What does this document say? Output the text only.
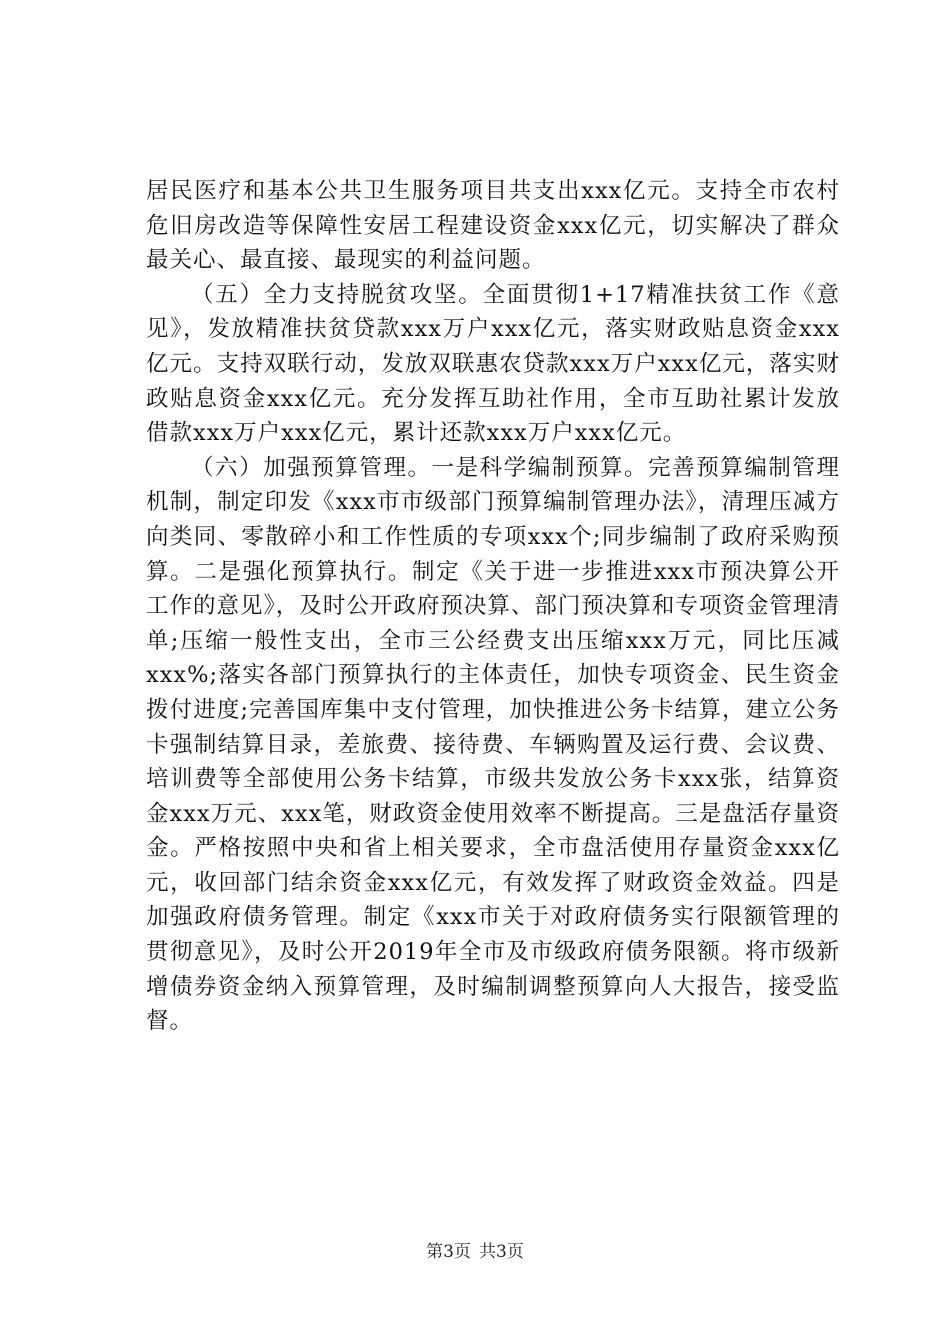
居民医疗和基本公共卫生服务项目共支出xxx亿元。支持全市农村危旧房改造等保障性安居工程建设资金xxx亿元，切实解决了群众最关心、最直接、最现实的利益问题。

（五）全力支持脱贫攻坚。全面贯彻1+17精准扶贫工作《意见》，发放精准扶贫贷款xxx万户xxx亿元，落实财政贴息资金xxx亿元。支持双联行动，发放双联惠农贷款xxx万户xxx亿元，落实财政贴息资金xxx亿元。充分发挥互助社作用，全市互助社累计发放借款xxx万户xxx亿元，累计还款xxx万户xxx亿元。

（六）加强预算管理。一是科学编制预算。完善预算编制管理机制，制定印发《xxx市市级部门预算编制管理办法》，清理压减方向类同、零散碎小和工作性质的专项xxx个;同步编制了政府采购预算。二是强化预算执行。制定《关于进一步推进xxx市预决算公开工作的意见》，及时公开政府预决算、部门预决算和专项资金管理清单;压缩一般性支出，全市三公经费支出压缩xxx万元，同比压减xxx%;落实各部门预算执行的主体责任，加快专项资金、民生资金拨付进度;完善国库集中支付管理，加快推进公务卡结算，建立公务卡强制结算目录，差旅费、接待费、车辆购置及运行费、会议费、培训费等全部使用公务卡结算，市级共发放公务卡xxx张，结算资金xxx万元、xxx笔，财政资金使用效率不断提高。三是盘活存量资金。严格按照中央和省上相关要求，全市盘活使用存量资金xxx亿元，收回部门结余资金xxx亿元，有效发挥了财政资金效益。四是加强政府债务管理。制定《xxx市关于对政府债务实行限额管理的贯彻意见》，及时公开2019年全市及市级政府债务限额。将市级新增债券资金纳入预算管理，及时编制调整预算向人大报告，接受监督。

第3页 共3页
